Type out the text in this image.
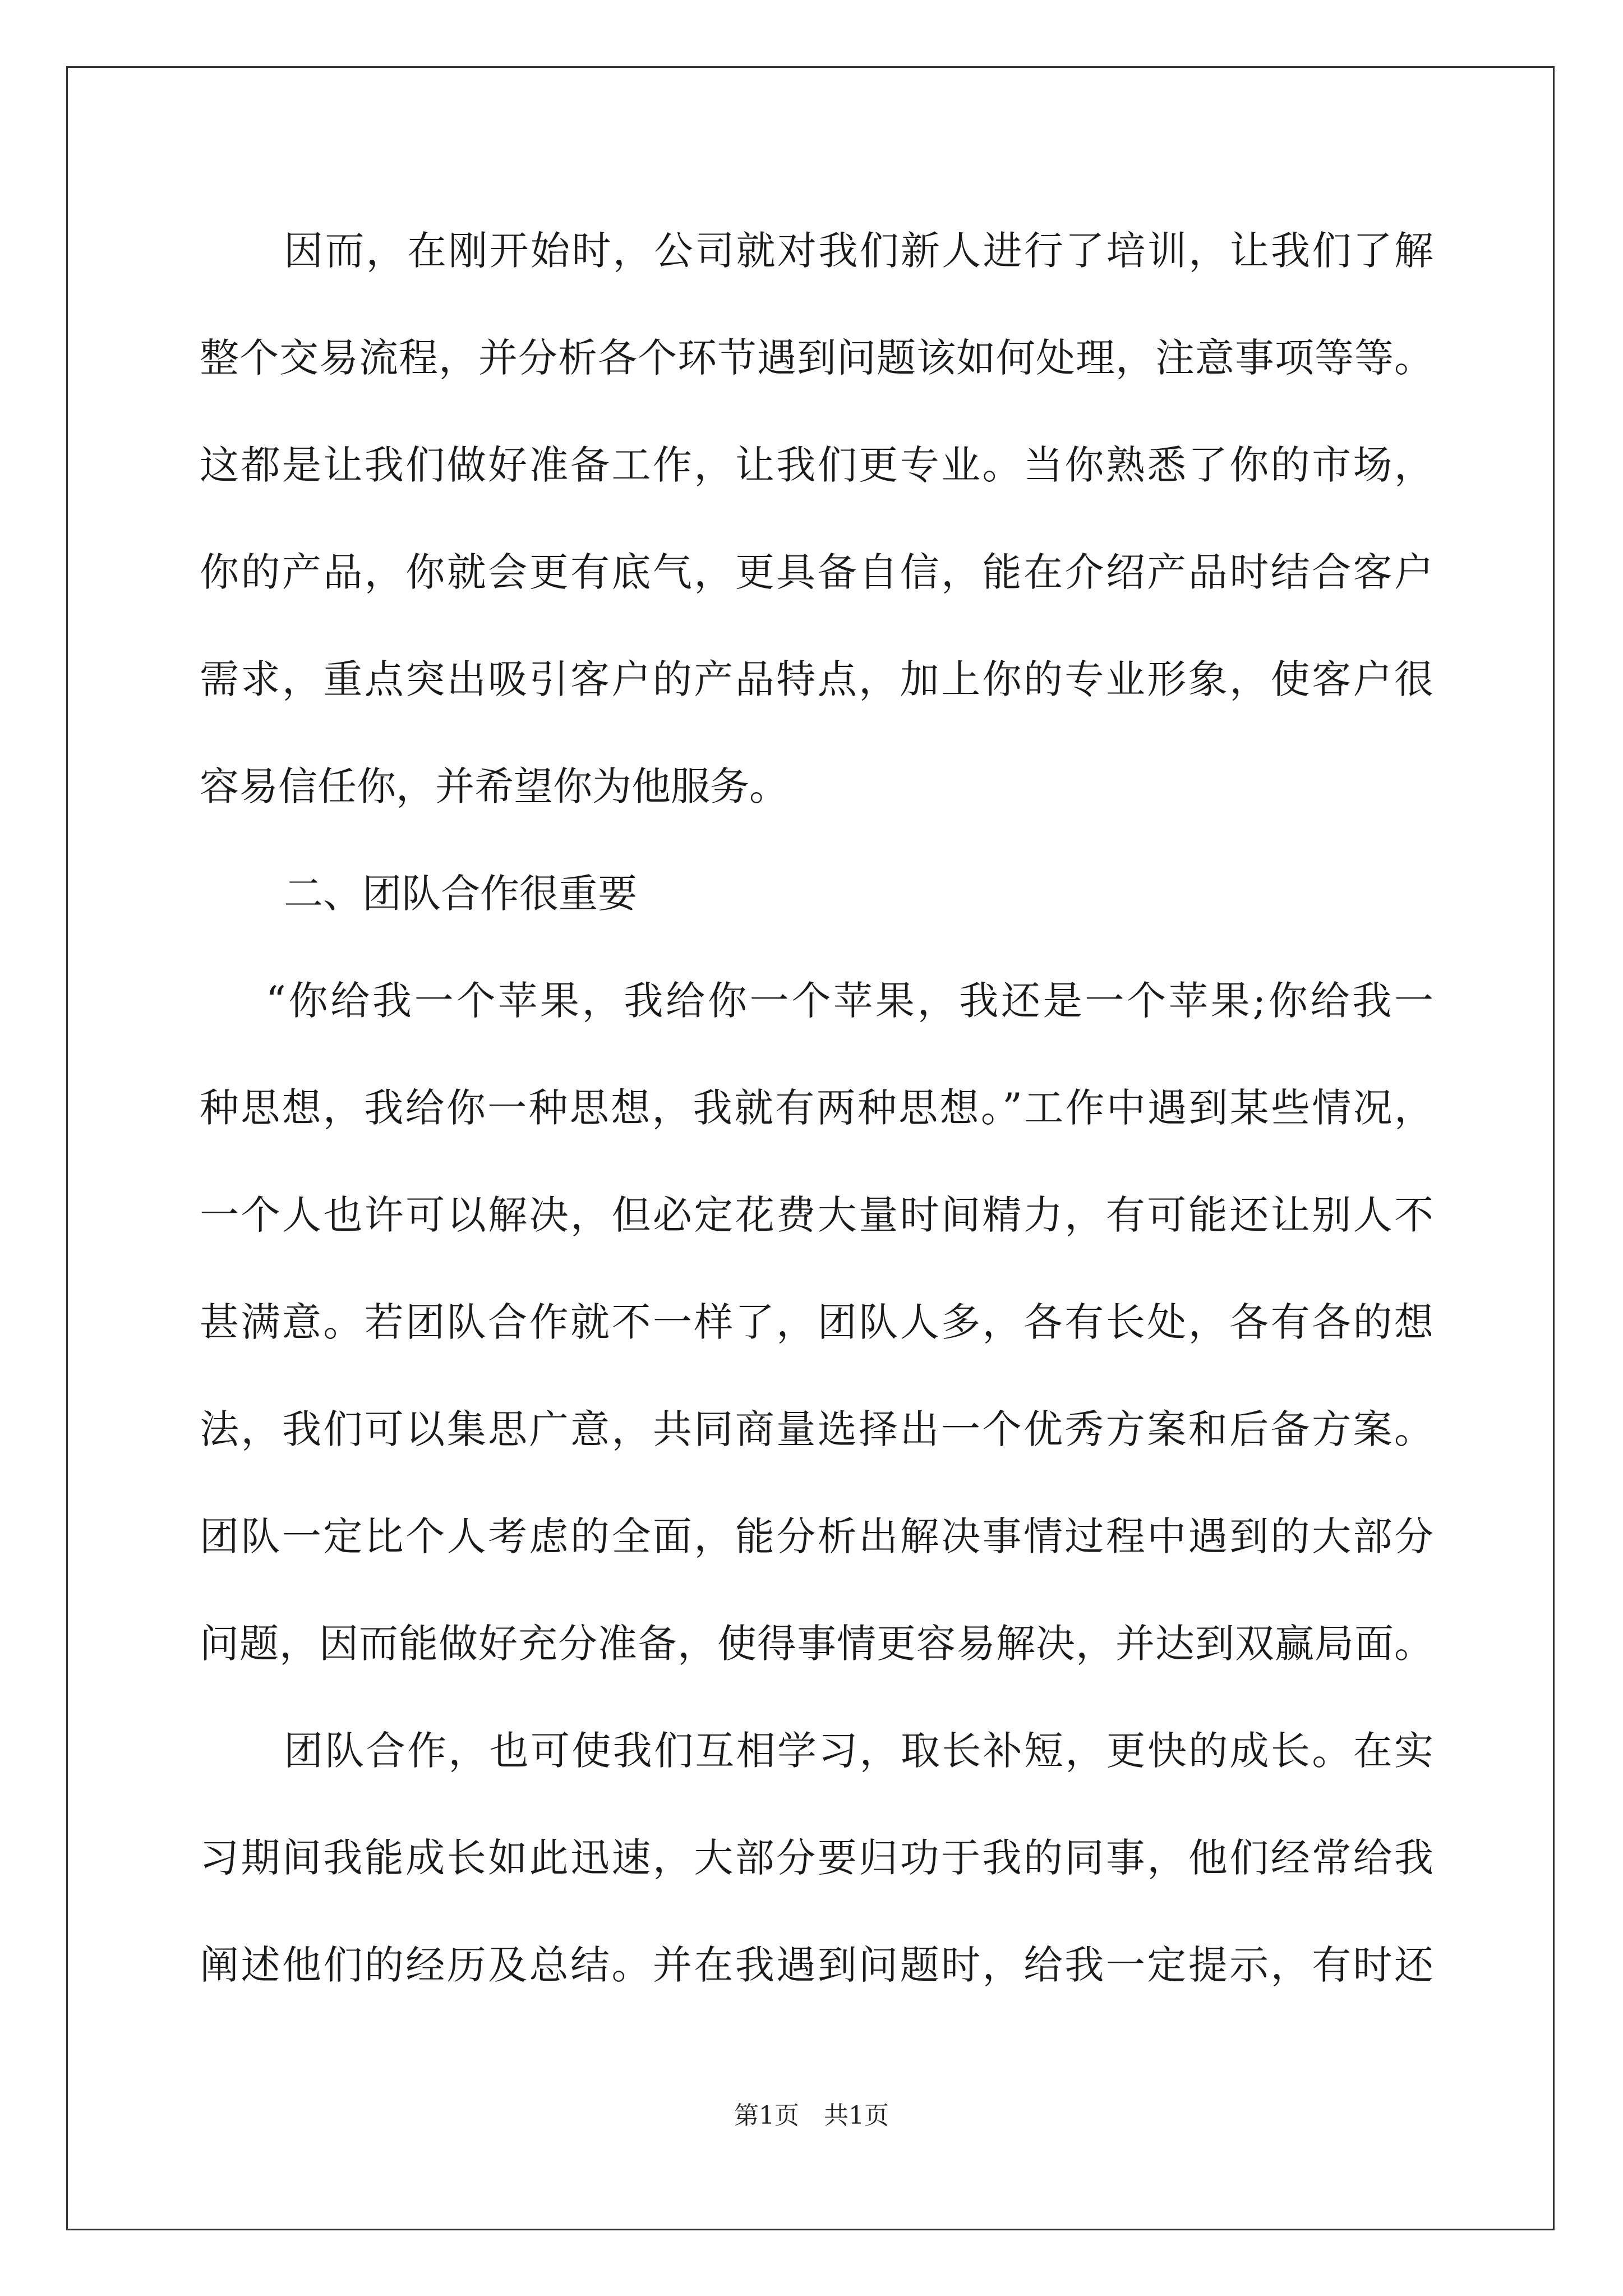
因而，在刚开始时，公司就对我们新人进行了培训，让我们了解
整个交易流程，并分析各个环节遇到问题该如何处理，注意事项等等。
这都是让我们做好准备工作，让我们更专业。当你熟悉了你的市场，
你的产品，你就会更有底气，更具备自信，能在介绍产品时结合客户
需求，重点突出吸引客户的产品特点，加上你的专业形象，使客户很
容易信任你，并希望你为他服务。
二、团队合作很重要
“你给我一个苹果，我给你一个苹果，我还是一个苹果;你给我一
种思想，我给你一种思想，我就有两种思想。”工作中遇到某些情况，
一个人也许可以解决，但必定花费大量时间精力，有可能还让别人不
甚满意。若团队合作就不一样了，团队人多，各有长处，各有各的想
法，我们可以集思广意，共同商量选择出一个优秀方案和后备方案。
团队一定比个人考虑的全面，能分析出解决事情过程中遇到的大部分
问题，因而能做好充分准备，使得事情更容易解决，并达到双赢局面。
团队合作，也可使我们互相学习，取长补短，更快的成长。在实
习期间我能成长如此迅速，大部分要归功于我的同事，他们经常给我
阐述他们的经历及总结。并在我遇到问题时，给我一定提示，有时还
第1页　共1页
